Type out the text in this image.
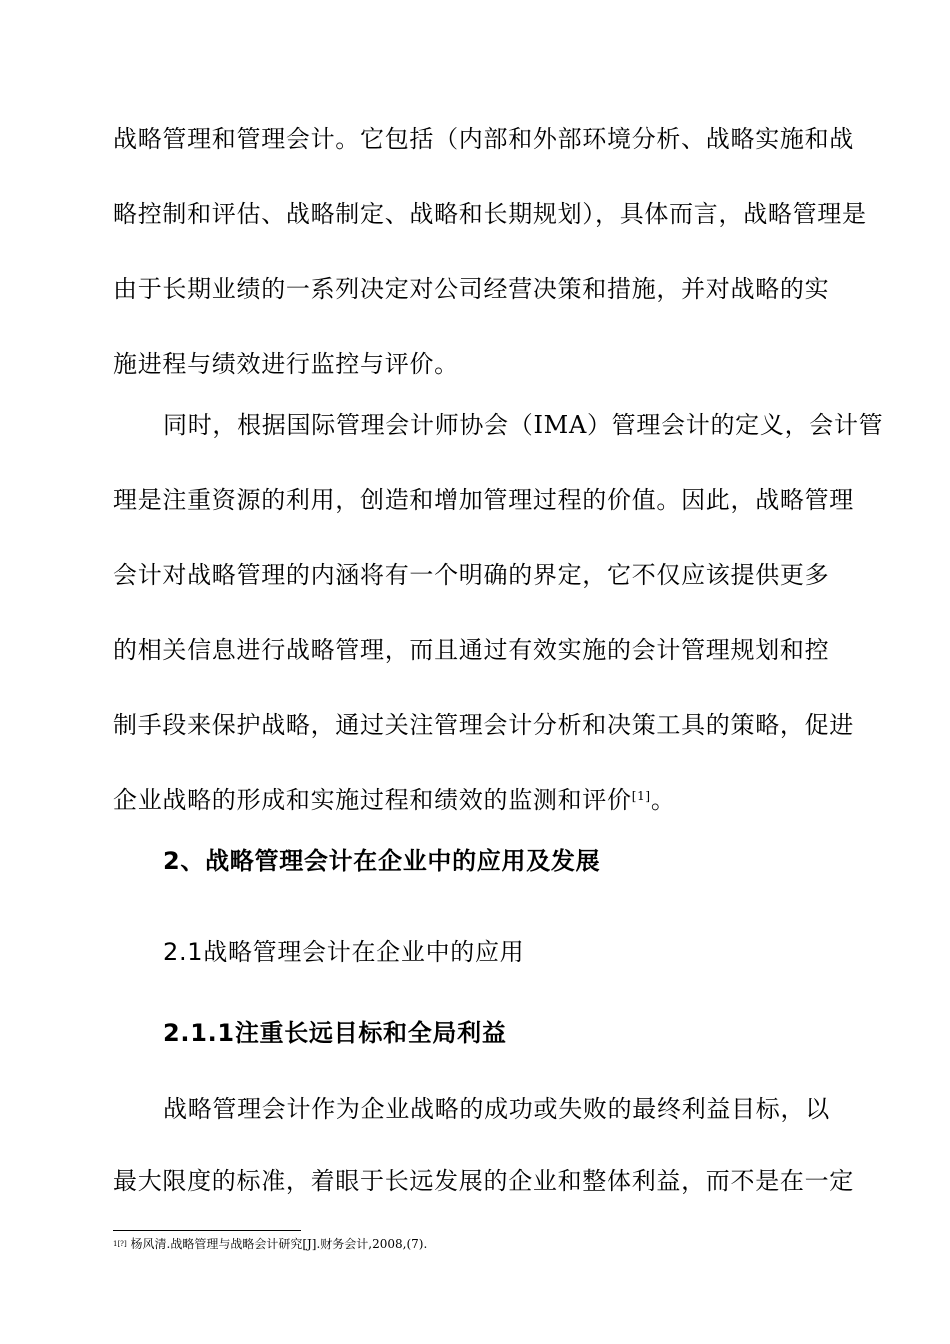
战略管理和管理会计。它包括（内部和外部环境分析、战略实施和战
略控制和评估、战略制定、战略和长期规划），具体而言，战略管理是
由于长期业绩的一系列决定对公司经营决策和措施，并对战略的实
施进程与绩效进行监控与评价。
同时，根据国际管理会计师协会（IMA）管理会计的定义，会计管
理是注重资源的利用，创造和增加管理过程的价值。因此，战略管理
会计对战略管理的内涵将有一个明确的界定，它不仅应该提供更多
的相关信息进行战略管理，而且通过有效实施的会计管理规划和控
制手段来保护战略，通过关注管理会计分析和决策工具的策略，促进
企业战略的形成和实施过程和绩效的监测和评价[1]。
2、战略管理会计在企业中的应用及发展
2.1战略管理会计在企业中的应用
2.1.1注重长远目标和全局利益
战略管理会计作为企业战略的成功或失败的最终利益目标，以
最大限度的标准，着眼于长远发展的企业和整体利益，而不是在一定
$^{1[?]}$ 杨风清.战略管理与战略会计研究[J].财务会计,2008,(7).
